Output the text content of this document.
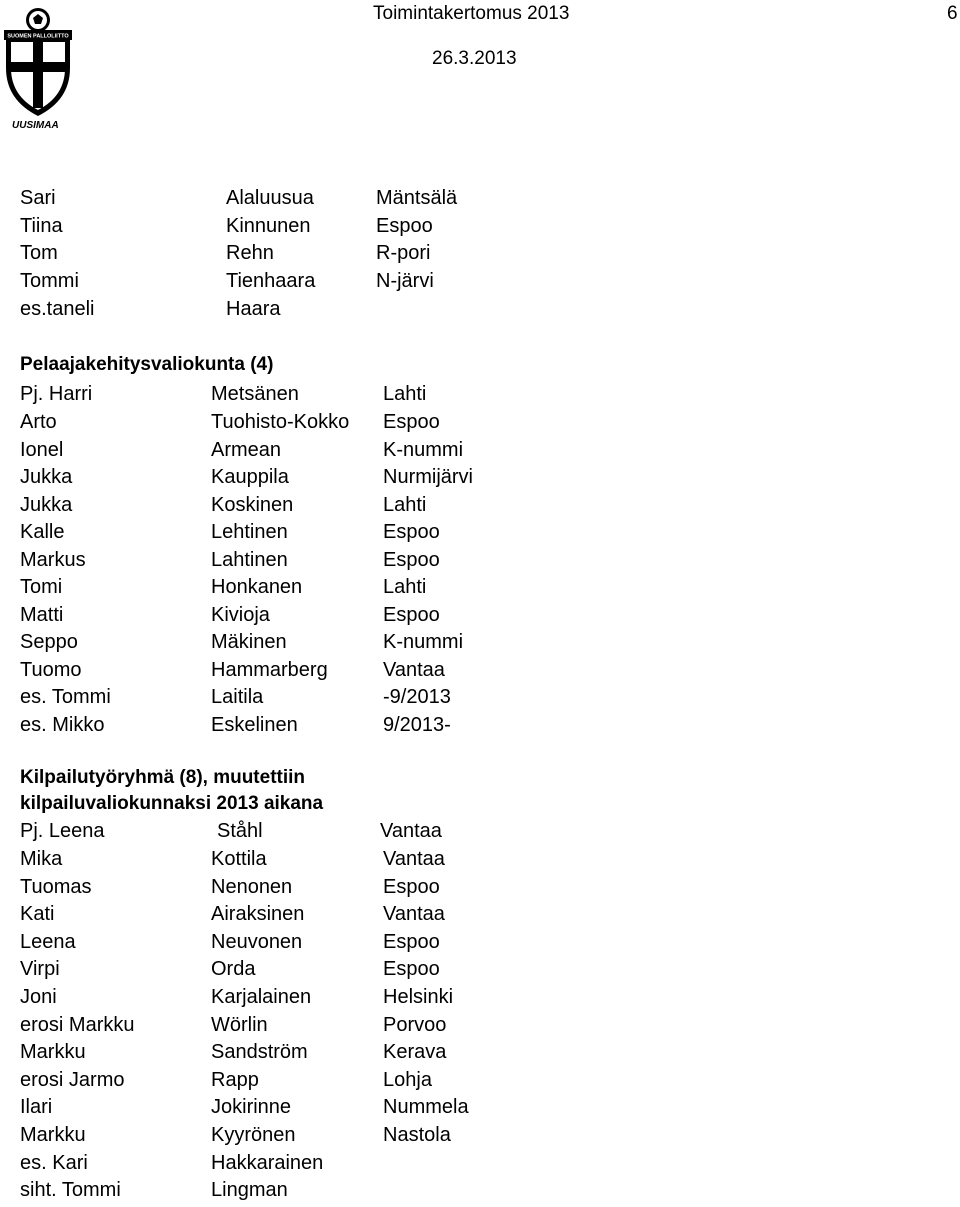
SUOMEN PALLOLIITTO
UUSIMAA
Toimintakertomus 2013	6
26.3.2013
Sari	Alaluusua	Mäntsälä
Tiina	Kinnunen	Espoo
Tom	Rehn	R-pori
Tommi	Tienhaara	N-järvi
es.taneli	Haara
Pelaajakehitysvaliokunta (4)
Pj. Harri	Metsänen	Lahti
Arto	Tuohisto-Kokko Espoo
Ionel	Armean	K-nummi
Jukka	Kauppila	Nurmijärvi
Jukka	Koskinen	Lahti
Kalle	Lehtinen	Espoo
Markus	Lahtinen	Espoo
Tomi	Honkanen	Lahti
Matti	Kivioja	Espoo
Seppo	Mäkinen	K-nummi
Tuomo	Hammarberg	Vantaa
es. Tommi	Laitila	-9/2013
es. Mikko	Eskelinen	9/2013-
Kilpailutyöryhmä (8), muutettiin
kilpailuvaliokunnaksi 2013 aikana
Pj. Leena	Ståhl	Vantaa
Mika	Kottila	Vantaa
Tuomas	Nenonen	Espoo
Kati	Airaksinen	Vantaa
Leena	Neuvonen	Espoo
Virpi	Orda	Espoo
Joni	Karjalainen	Helsinki
erosi Markku	Wörlin	Porvoo
Markku	Sandström	Kerava
erosi Jarmo	Rapp	Lohja
Ilari	Jokirinne	Nummela
Markku	Kyyrönen	Nastola
es. Kari	Hakkarainen
siht. Tommi	Lingman
